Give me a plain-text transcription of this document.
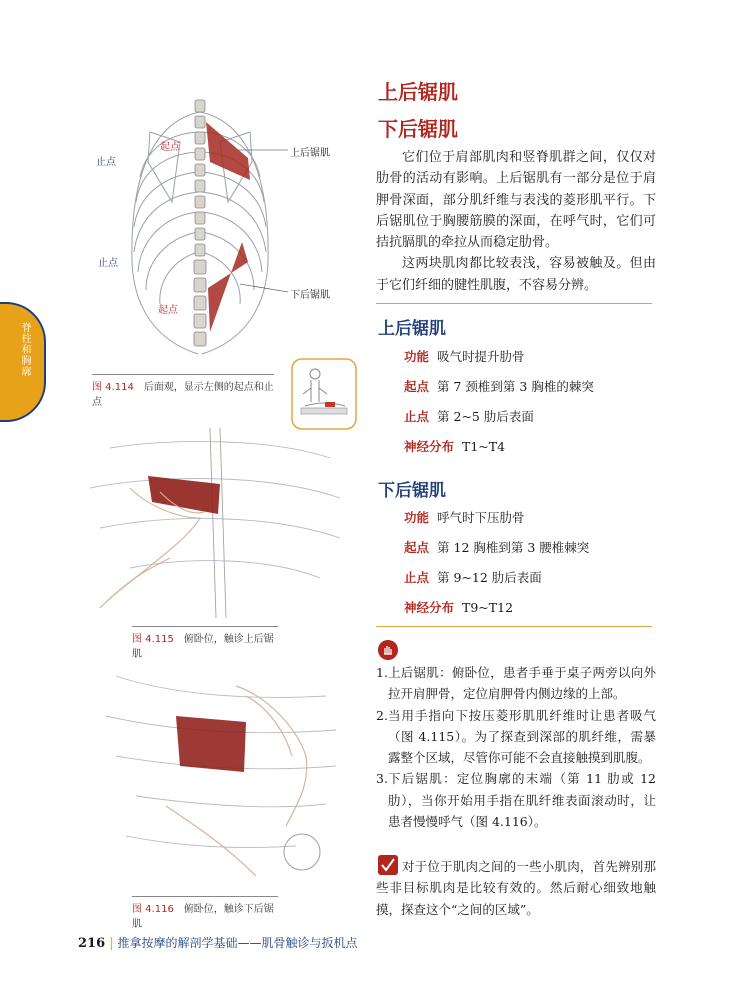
脊柱和胸廓
起点
止点
上后锯肌
止点
下后锯肌
起点
图 4.114 后面观，显示左侧的起点和止点
图 4.115 俯卧位，触诊上后锯肌
图 4.116 俯卧位，触诊下后锯肌
上后锯肌
下后锯肌

它们位于肩部肌肉和竖脊肌群之间，仅仅对肋骨的活动有影响。上后锯肌有一部分是位于肩胛骨深面，部分肌纤维与表浅的菱形肌平行。下后锯肌位于胸腰筋膜的深面，在呼气时，它们可拮抗膈肌的牵拉从而稳定肋骨。

这两块肌肉都比较表浅，容易被触及。但由于它们纤细的腱性肌腹，不容易分辨。

上后锯肌
功能 吸气时提升肋骨
起点 第 7 颈椎到第 3 胸椎的棘突
止点 第 2~5 肋后表面
神经分布 T1~T4
下后锯肌
功能 呼气时下压肋骨
起点 第 12 胸椎到第 3 腰椎棘突
止点 第 9~12 肋后表面
神经分布 T9~T12
1. 上后锯肌：俯卧位，患者手垂于桌子两旁以向外拉开肩胛骨，定位肩胛骨内侧边缘的上部。
2. 当用手指向下按压菱形肌肌纤维时让患者吸气（图 4.115）。为了探查到深部的肌纤维，需暴露整个区域，尽管你可能不会直接触摸到肌腹。
3. 下后锯肌：定位胸廓的末端（第 11 肋或 12 肋），当你开始用手指在肌纤维表面滚动时，让患者慢慢呼气（图 4.116）。
对于位于肌肉之间的一些小肌肉，首先辨别那些非目标肌肉是比较有效的。然后耐心细致地触摸，探查这个“之间的区域”。
216 | 推拿按摩的解剖学基础——肌骨触诊与扳机点
